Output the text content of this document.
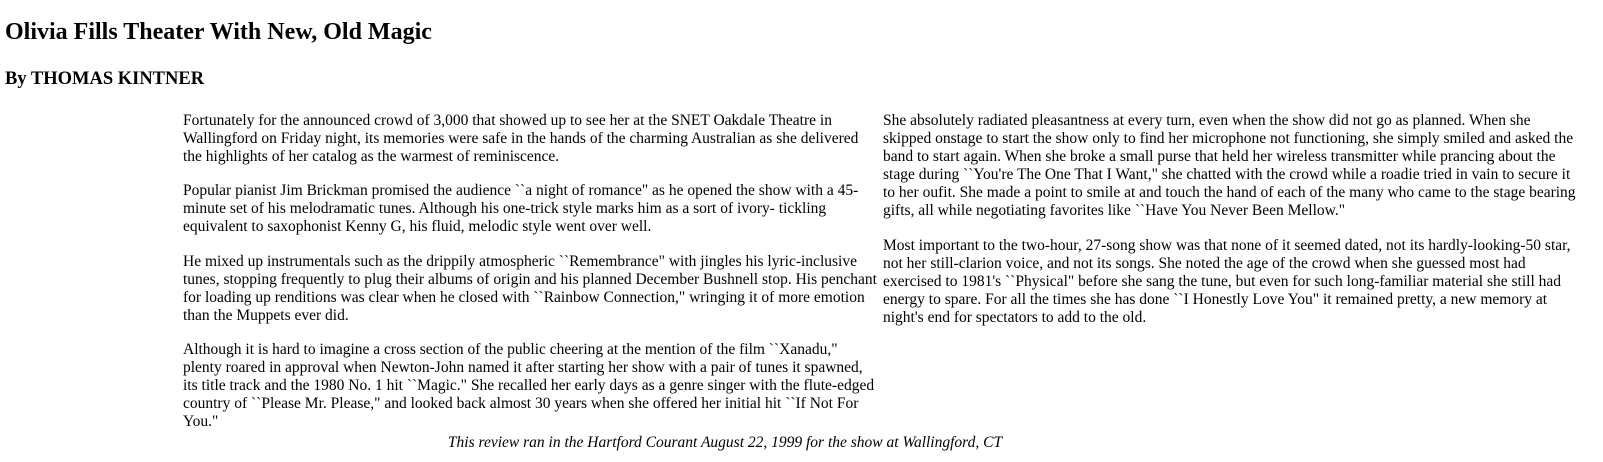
Olivia Fills Theater With New, Old Magic
By THOMAS KINTNER

Fortunately for the announced crowd of 3,000 that showed up to see her at the SNET Oakdale Theatre in Wallingford on Friday night, its memories were safe in the hands of the charming Australian as she delivered the highlights of her catalog as the warmest of reminiscence.

Popular pianist Jim Brickman promised the audience ``a night of romance" as he opened the show with a 45-minute set of his melodramatic tunes. Although his one-trick style marks him as a sort of ivory- tickling equivalent to saxophonist Kenny G, his fluid, melodic style went over well.

He mixed up instrumentals such as the drippily atmospheric ``Remembrance" with jingles his lyric-inclusive tunes, stopping frequently to plug their albums of origin and his planned December Bushnell stop. His penchant for loading up renditions was clear when he closed with ``Rainbow Connection," wringing it of more emotion than the Muppets ever did.

Although it is hard to imagine a cross section of the public cheering at the mention of the film ``Xanadu," plenty roared in approval when Newton-John named it after starting her show with a pair of tunes it spawned, its title track and the 1980 No. 1 hit ``Magic." She recalled her early days as a genre singer with the flute-edged country of ``Please Mr. Please," and looked back almost 30 years when she offered her initial hit ``If Not For You."

She absolutely radiated pleasantness at every turn, even when the show did not go as planned. When she skipped onstage to start the show only to find her microphone not functioning, she simply smiled and asked the band to start again. When she broke a small purse that held her wireless transmitter while prancing about the stage during ``You're The One That I Want," she chatted with the crowd while a roadie tried in vain to secure it to her oufit. She made a point to smile at and touch the hand of each of the many who came to the stage bearing gifts, all while negotiating favorites like ``Have You Never Been Mellow."

Most important to the two-hour, 27-song show was that none of it seemed dated, not its hardly-looking-50 star, not her still-clarion voice, and not its songs. She noted the age of the crowd when she guessed most had exercised to 1981's ``Physical" before she sang the tune, but even for such long-familiar material she still had energy to spare. For all the times she has done ``I Honestly Love You" it remained pretty, a new memory at night's end for spectators to add to the old.

This review ran in the Hartford Courant August 22, 1999 for the show at Wallingford, CT
